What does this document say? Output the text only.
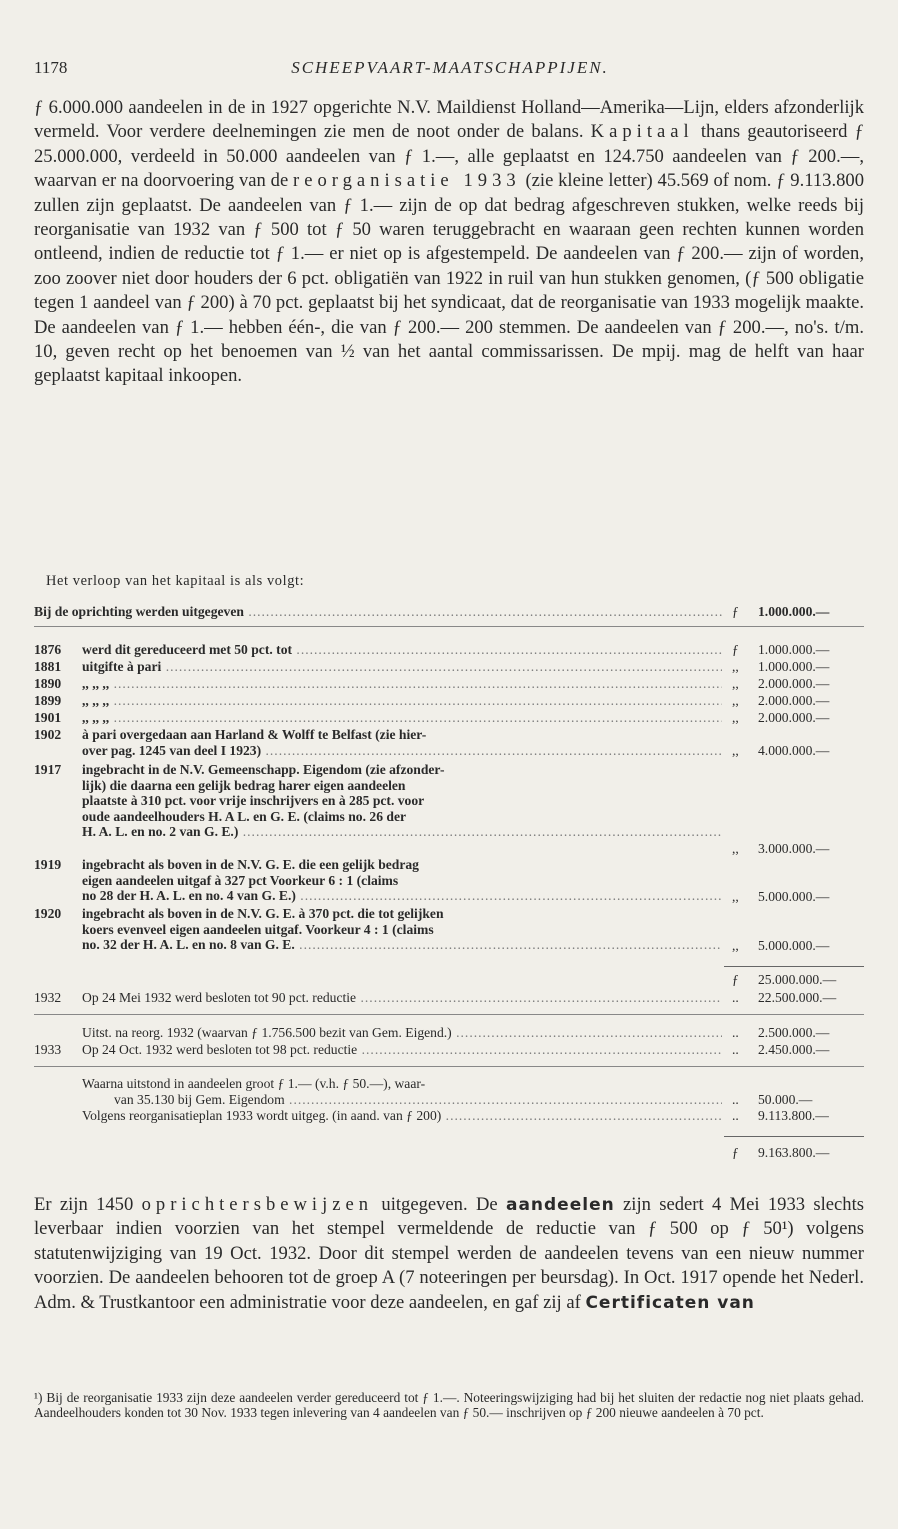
1178	SCHEEPVAART-MAATSCHAPPIJEN.

ƒ 6.000.000 aandeelen in de in 1927 opgerichte N.V. Maildienst Holland—Amerika—Lijn, elders afzonderlijk vermeld. Voor verdere deelnemingen zie men de noot onder de balans. Kapitaal thans geautoriseerd ƒ 25.000.000, verdeeld in 50.000 aandeelen van ƒ 1.—, alle geplaatst en 124.750 aandeelen van ƒ 200.—, waarvan er na doorvoering van de reorganisatie 1933 (zie kleine letter) 45.569 of nom. ƒ 9.113.800 zullen zijn geplaatst. De aandeelen van ƒ 1.— zijn de op dat bedrag afgeschreven stukken, welke reeds bij reorganisatie van 1932 van ƒ 500 tot ƒ 50 waren teruggebracht en waaraan geen rechten kunnen worden ontleend, indien de reductie tot ƒ 1.— er niet op is afgestempeld. De aandeelen van ƒ 200.— zijn of worden, zoo zoover niet door houders der 6 pct. obligatiën van 1922 in ruil van hun stukken genomen, (ƒ 500 obligatie tegen 1 aandeel van ƒ 200) à 70 pct. geplaatst bij het syndicaat, dat de reorganisatie van 1933 mogelijk maakte. De aandeelen van ƒ 1.— hebben één-, die van ƒ 200.— 200 stemmen. De aandeelen van ƒ 200.—, no's. t/m. 10, geven recht op het benoemen van ½ van het aantal commissarissen. De mpij. mag de helft van haar geplaatst kapitaal inkoopen.

Het verloop van het kapitaal is als volgt:
Bij de oprichting werden uitgegeven .....	ƒ 1.000.000.—
1876 werd dit gereduceerd met 50 pct. tot .....	ƒ 1.000.000.—
1881 uitgifte à pari .....	,, 1.000.000.—
1890 ,, ,, ,, .....	,, 2.000.000.—
1899 ,, ,, ,, .....	,, 2.000.000.—
1901 ,, ,, ,, .....	,, 2.000.000.—
1902 à pari overgedaan aan Harland & Wolff te Belfast (zie hier-
over pag. 1245 van deel I 1923) .....	,, 4.000.000.—
1917 ingebracht in de N.V. Gemeenschapp. Eigendom (zie afzonder-
lijk) die daarna een gelijk bedrag harer eigen aandeelen
plaatste à 310 pct. voor vrije inschrijvers en à 285 pct. voor
oude aandeelhouders H. A L. en G. E. (claims no. 26 der
H. A. L. en no. 2 van G. E.) .....
,, 3.000.000.—
1919 ingebracht als boven in de N.V. G. E. die een gelijk bedrag
eigen aandeelen uitgaf à 327 pct Voorkeur 6 : 1 (claims
no 28 der H. A. L. en no. 4 van G. E.) .....	,, 5.000.000.—
1920 ingebracht als boven in de N.V. G. E. à 370 pct. die tot gelijken
koers evenveel eigen aandeelen uitgaf. Voorkeur 4 : 1 (claims
no. 32 der H. A. L. en no. 8 van G. E. .....	,, 5.000.000.—
ƒ 25.000.000.—
1932 Op 24 Mei 1932 werd besloten tot 90 pct. reductie .....	.. 22.500.000.—
Uitst. na reorg. 1932 (waarvan ƒ 1.756.500 bezit van Gem. Eigend.) .....	.. 2.500.000.—
1933 Op 24 Oct. 1932 werd besloten tot 98 pct. reductie .....	.. 2.450.000.—
Waarna uitstond in aandeelen groot ƒ 1.— (v.h. ƒ 50.—), waar-
van 35.130 bij Gem. Eigendom .....	.. 50.000.—
Volgens reorganisatieplan 1933 wordt uitgeg. (in aand. van ƒ 200) .....	.. 9.113.800.—
ƒ 9.163.800.—

Er zijn 1450 oprichtersbewijzen uitgegeven. De aandeelen zijn sedert 4 Mei 1933 slechts leverbaar indien voorzien van het stempel vermeldende de reductie van ƒ 500 op ƒ 50¹) volgens statutenwijziging van 19 Oct. 1932. Door dit stempel werden de aandeelen tevens van een nieuw nummer voorzien. De aandeelen behooren tot de groep A (7 noteeringen per beursdag). In Oct. 1917 opende het Nederl. Adm. & Trustkantoor een administratie voor deze aandeelen, en gaf zij af Certificaten van

¹) Bij de reorganisatie 1933 zijn deze aandeelen verder gereduceerd tot ƒ 1.—. Noteeringswijziging had bij het sluiten der redactie nog niet plaats gehad. Aandeelhouders konden tot 30 Nov. 1933 tegen inlevering van 4 aandeelen van ƒ 50.— inschrijven op ƒ 200 nieuwe aandeelen à 70 pct.
